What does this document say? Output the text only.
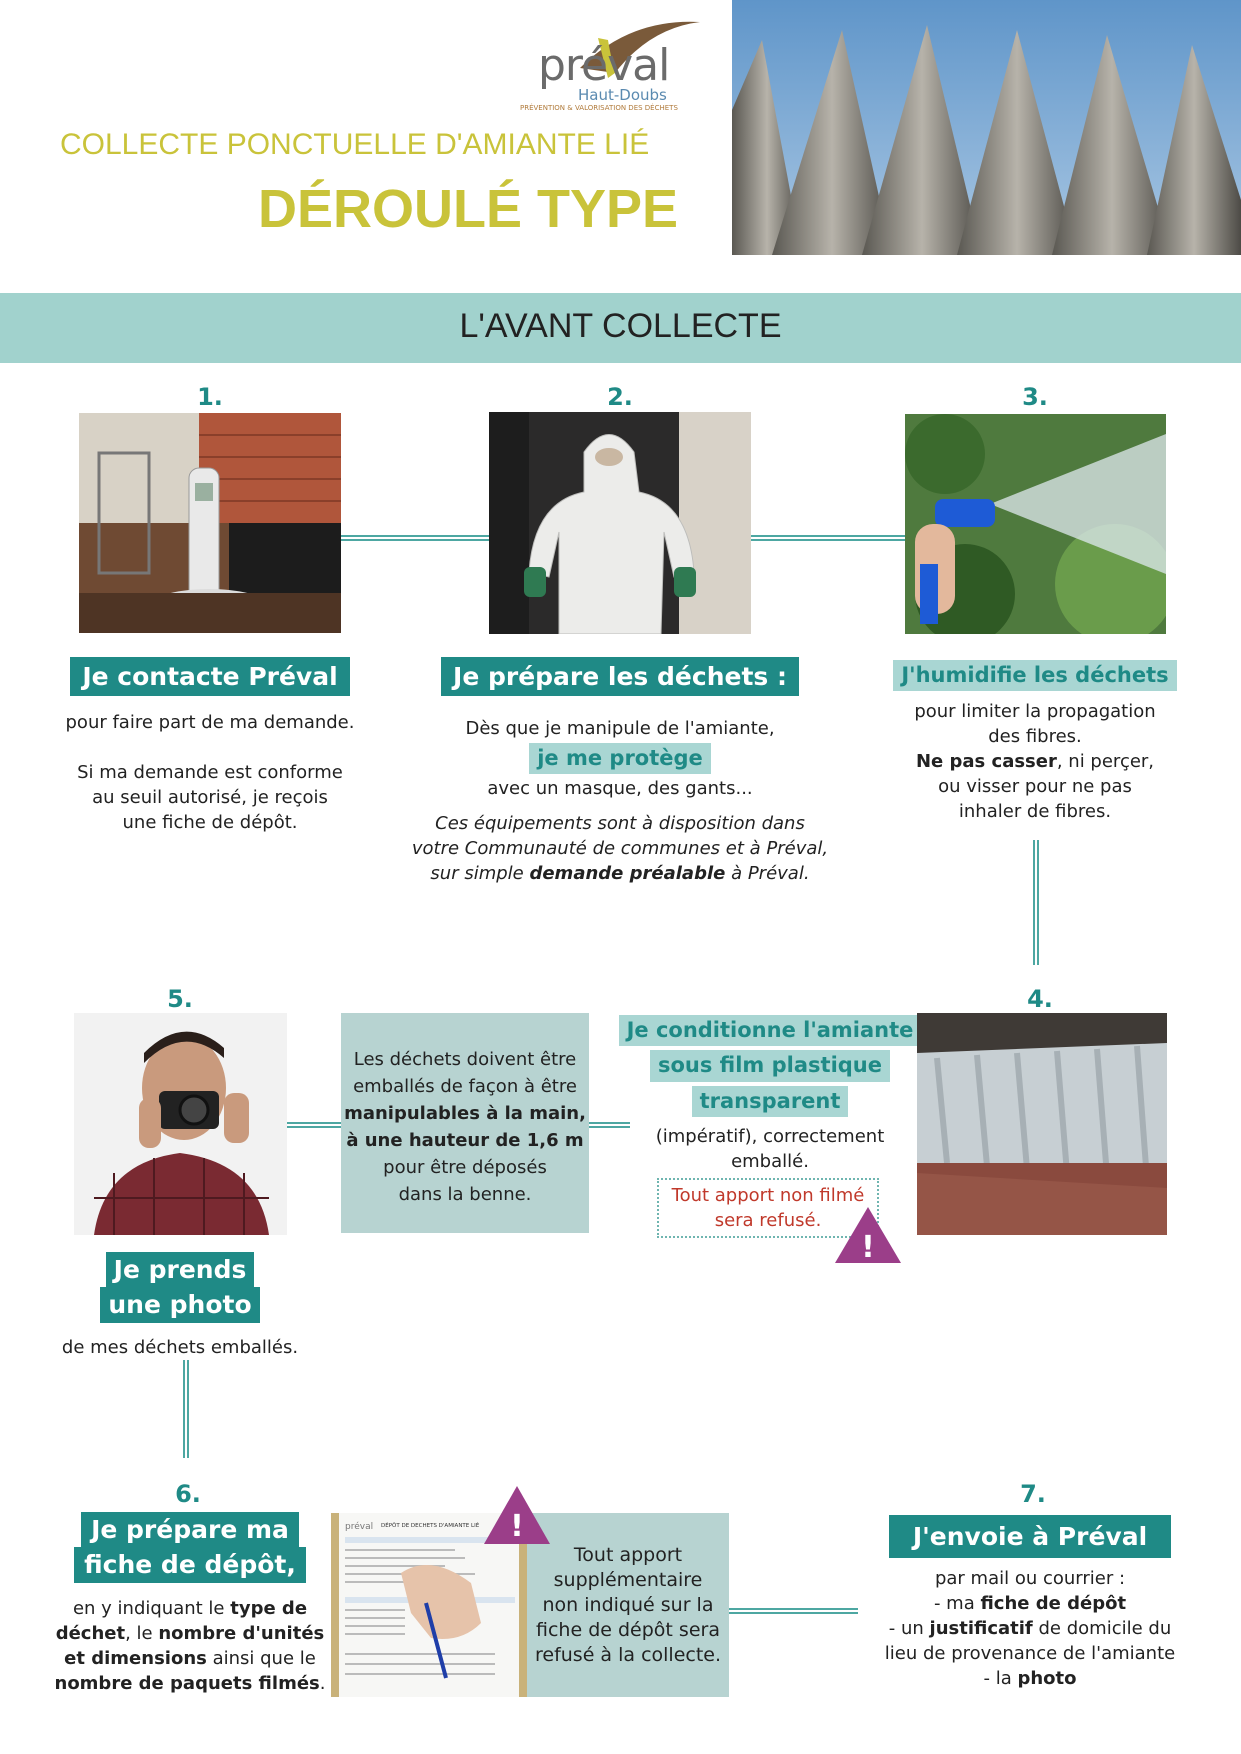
préval
Haut-Doubs
PRÉVENTION & VALORISATION DES DÉCHETS
COLLECTE PONCTUELLE D'AMIANTE LIÉ
DÉROULÉ TYPE
L'AVANT COLLECTE
1.
Je contacte Préval
pour faire part de ma demande.
Si ma demande est conforme
au seuil autorisé, je reçois
une fiche de dépôt.
2.
Je prépare les déchets :
Dès que je manipule de l'amiante,
je me protège
avec un masque, des gants...
Ces équipements sont à disposition dans
votre Communauté de communes et à Préval,
sur simple demande préalable à Préval.
3.
J'humidifie les déchets
pour limiter la propagation
des fibres.
Ne pas casser, ni perçer,
ou visser pour ne pas
inhaler de fibres.
5.
Je prends
une photo
de mes déchets emballés.
Les déchets doivent être
emballés de façon à être
manipulables à la main,
à une hauteur de 1,6 m
pour être déposés
dans la benne.
4.
Je conditionne l'amiante
sous film plastique
transparent
(impératif), correctement
emballé.
Tout apport non filmé
sera refusé.
!
6.
Je prépare ma
fiche de dépôt,
en y indiquant le type de
déchet, le nombre d'unités
et dimensions ainsi que le
nombre de paquets filmés.
préval DÉPÔT DE DECHETS D'AMIANTE LIÉ
Tout apport
supplémentaire
non indiqué sur la
fiche de dépôt sera
refusé à la collecte.
!
7.
J'envoie à Préval
par mail ou courrier :
- ma fiche de dépôt
- un justificatif de domicile du
lieu de provenance de l'amiante
- la photo
